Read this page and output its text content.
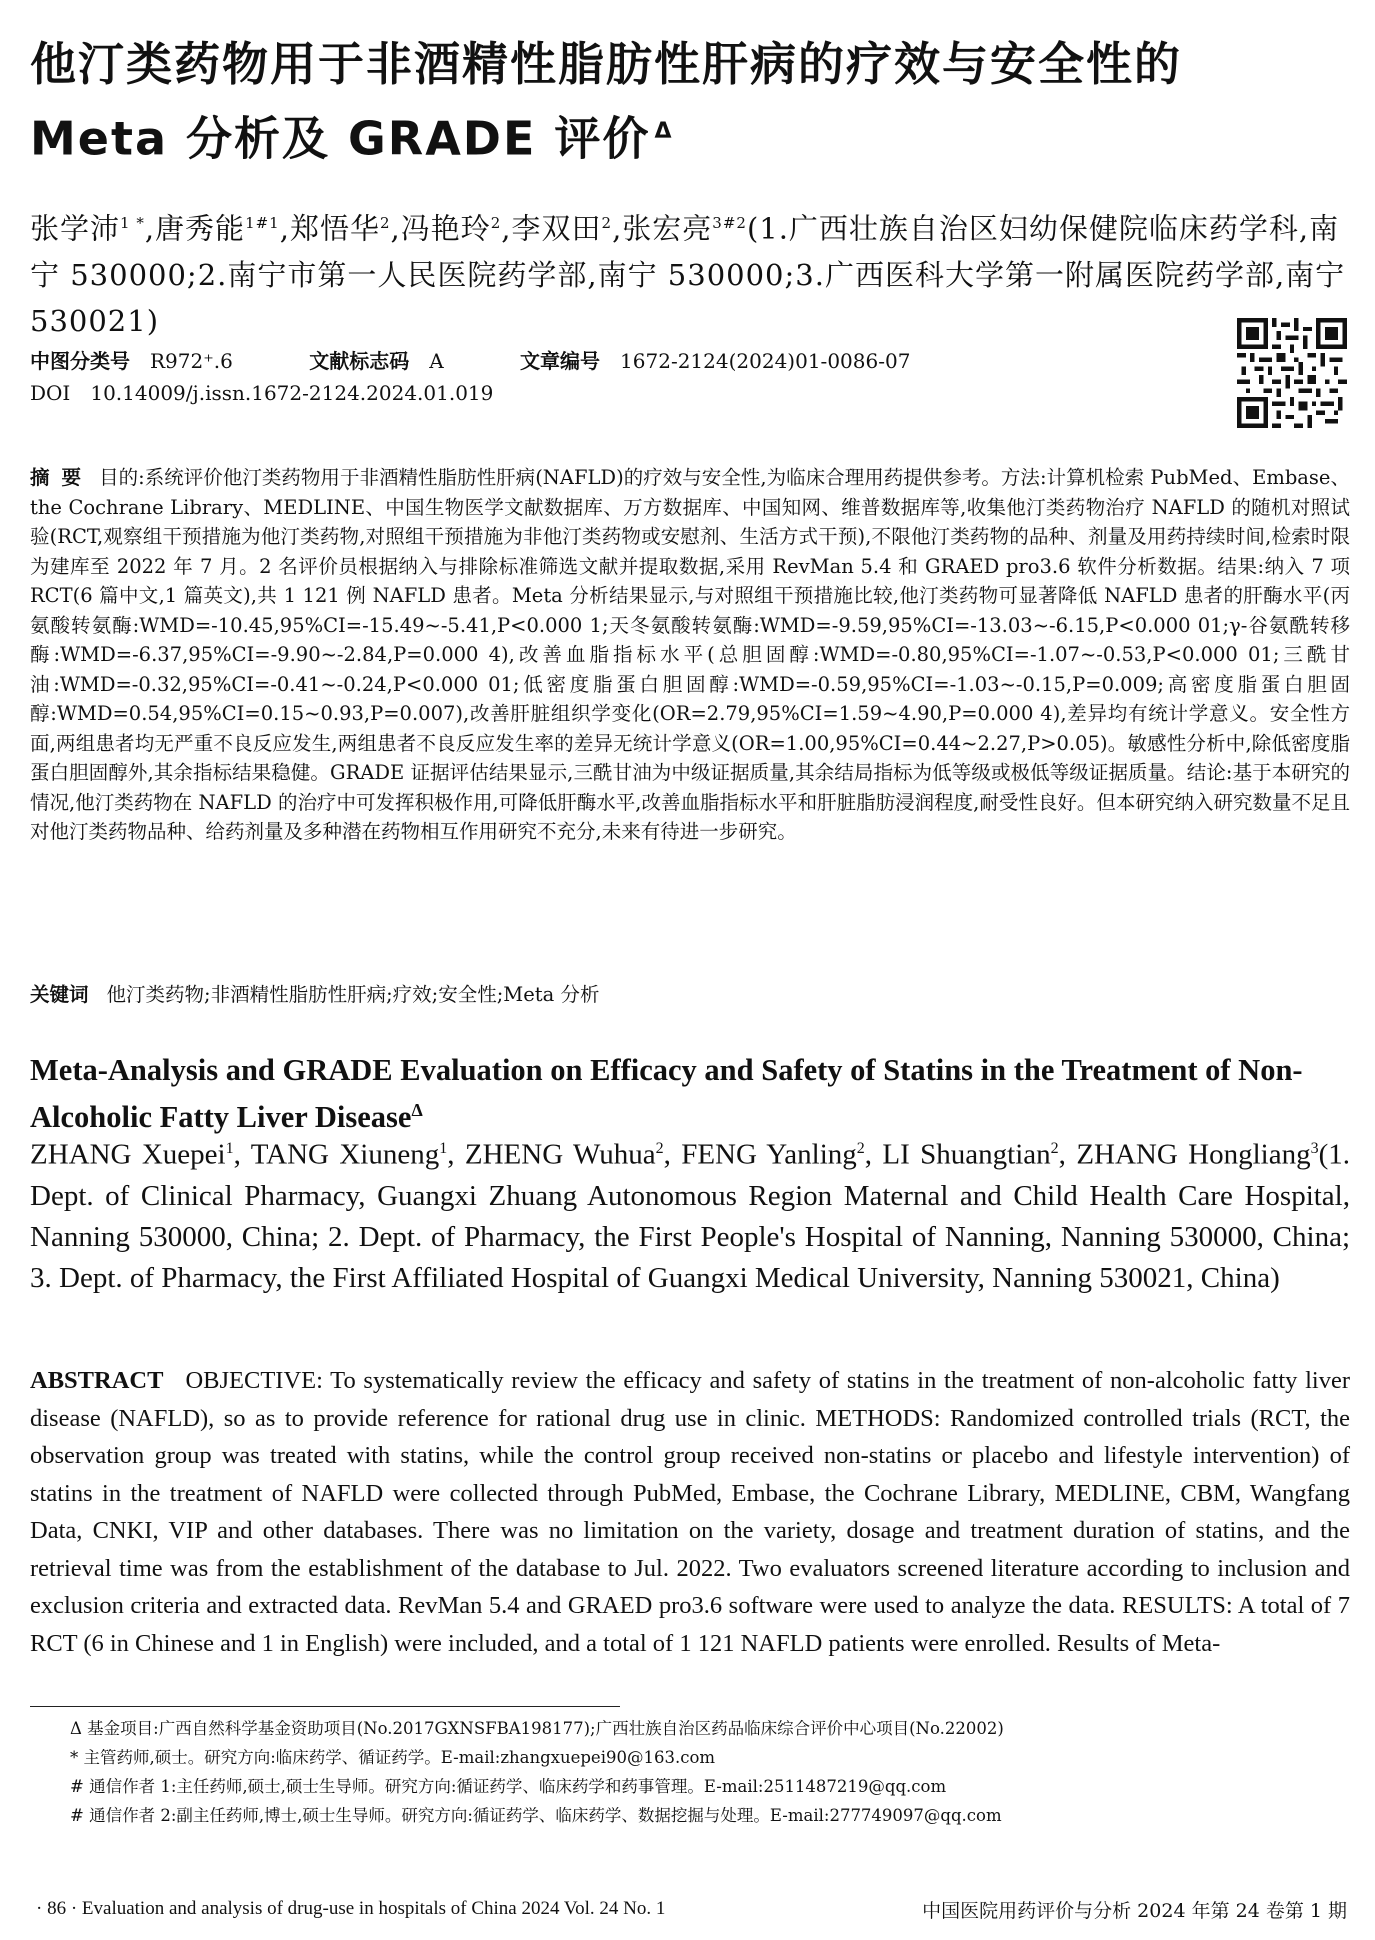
他汀类药物用于非酒精性脂肪性肝病的疗效与安全性的
Meta 分析及 GRADE 评价 $^\Delta$
张学沛$^{1 *}$,唐秀能$^{1\#1}$,郑悟华$^2$,冯艳玲$^2$,李双田$^2$,张宏亮$^{3\#2}$(1.广西壮族自治区妇幼保健院临床药学科,南宁 530000;2.南宁市第一人民医院药学部,南宁 530000;3.广西医科大学第一附属医院药学部,南宁 530021)
中图分类号 R972⁺.6	文献标志码 A	文章编号 1672-2124(2024)01-0086-07
DOI 10.14009/j.issn.1672-2124.2024.01.019
摘要 目的:系统评价他汀类药物用于非酒精性脂肪性肝病(NAFLD)的疗效与安全性,为临床合理用药提供参考。方法:计算机检索 PubMed、Embase、the Cochrane Library、MEDLINE、中国生物医学文献数据库、万方数据库、中国知网、维普数据库等,收集他汀类药物治疗 NAFLD 的随机对照试验(RCT,观察组干预措施为他汀类药物,对照组干预措施为非他汀类药物或安慰剂、生活方式干预),不限他汀类药物的品种、剂量及用药持续时间,检索时限为建库至 2022 年 7 月。2 名评价员根据纳入与排除标准筛选文献并提取数据,采用 RevMan 5.4 和 GRAED pro3.6 软件分析数据。结果:纳入 7 项 RCT(6 篇中文,1 篇英文),共 1 121 例 NAFLD 患者。Meta 分析结果显示,与对照组干预措施比较,他汀类药物可显著降低 NAFLD 患者的肝酶水平(丙氨酸转氨酶:WMD=-10.45,95%CI=-15.49~-5.41,P<0.000 1;天冬氨酸转氨酶:WMD=-9.59,95%CI=-13.03~-6.15,P<0.000 01;γ-谷氨酰转移酶:WMD=-6.37,95%CI=-9.90~-2.84,P=0.000 4),改善血脂指标水平(总胆固醇:WMD=-0.80,95%CI=-1.07~-0.53,P<0.000 01;三酰甘油:WMD=-0.32,95%CI=-0.41~-0.24,P<0.000 01;低密度脂蛋白胆固醇:WMD=-0.59,95%CI=-1.03~-0.15,P=0.009;高密度脂蛋白胆固醇:WMD=0.54,95%CI=0.15~0.93,P=0.007),改善肝脏组织学变化(OR=2.79,95%CI=1.59~4.90,P=0.000 4),差异均有统计学意义。安全性方面,两组患者均无严重不良反应发生,两组患者不良反应发生率的差异无统计学意义(OR=1.00,95%CI=0.44~2.27,P>0.05)。敏感性分析中,除低密度脂蛋白胆固醇外,其余指标结果稳健。GRADE 证据评估结果显示,三酰甘油为中级证据质量,其余结局指标为低等级或极低等级证据质量。结论:基于本研究的情况,他汀类药物在 NAFLD 的治疗中可发挥积极作用,可降低肝酶水平,改善血脂指标水平和肝脏脂肪浸润程度,耐受性良好。但本研究纳入研究数量不足且对他汀类药物品种、给药剂量及多种潜在药物相互作用研究不充分,未来有待进一步研究。
关键词 他汀类药物;非酒精性脂肪性肝病;疗效;安全性;Meta 分析
Meta-Analysis and GRADE Evaluation on Efficacy and Safety of Statins in the Treatment of Non-Alcoholic Fatty Liver Disease$^\Delta$
ZHANG Xuepei$^1$, TANG Xiuneng$^1$, ZHENG Wuhua$^2$, FENG Yanling$^2$, LI Shuangtian$^2$, ZHANG Hongliang$^3$(1. Dept. of Clinical Pharmacy, Guangxi Zhuang Autonomous Region Maternal and Child Health Care Hospital, Nanning 530000, China; 2. Dept. of Pharmacy, the First People's Hospital of Nanning, Nanning 530000, China; 3. Dept. of Pharmacy, the First Affiliated Hospital of Guangxi Medical University, Nanning 530021, China)
ABSTRACT OBJECTIVE: To systematically review the efficacy and safety of statins in the treatment of non-alcoholic fatty liver disease (NAFLD), so as to provide reference for rational drug use in clinic. METHODS: Randomized controlled trials (RCT, the observation group was treated with statins, while the control group received non-statins or placebo and lifestyle intervention) of statins in the treatment of NAFLD were collected through PubMed, Embase, the Cochrane Library, MEDLINE, CBM, Wangfang Data, CNKI, VIP and other databases. There was no limitation on the variety, dosage and treatment duration of statins, and the retrieval time was from the establishment of the database to Jul. 2022. Two evaluators screened literature according to inclusion and exclusion criteria and extracted data. RevMan 5.4 and GRAED pro3.6 software were used to analyze the data. RESULTS: A total of 7 RCT (6 in Chinese and 1 in English) were included, and a total of 1 121 NAFLD patients were enrolled. Results of Meta-
Δ 基金项目:广西自然科学基金资助项目(No.2017GXNSFBA198177);广西壮族自治区药品临床综合评价中心项目(No.22002)
* 主管药师,硕士。研究方向:临床药学、循证药学。E-mail:zhangxuepei90@163.com
# 通信作者 1:主任药师,硕士,硕士生导师。研究方向:循证药学、临床药学和药事管理。E-mail:2511487219@qq.com
# 通信作者 2:副主任药师,博士,硕士生导师。研究方向:循证药学、临床药学、数据挖掘与处理。E-mail:277749097@qq.com
· 86 · Evaluation and analysis of drug-use in hospitals of China 2024 Vol. 24 No. 1	中国医院用药评价与分析 2024 年第 24 卷第 1 期
